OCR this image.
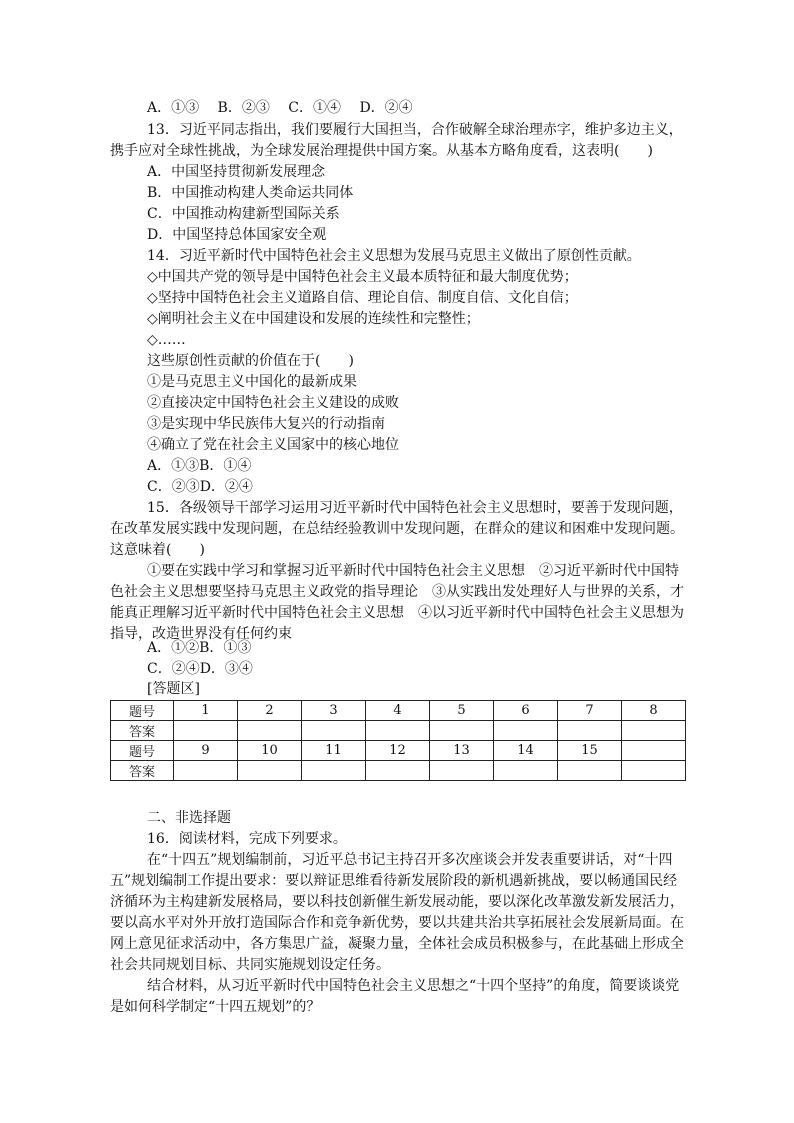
A．①③　 B．②③　 C．①④　 D．②④
13．习近平同志指出，我们要履行大国担当，合作破解全球治理赤字，维护多边主义，
携手应对全球性挑战，为全球发展治理提供中国方案。从基本方略角度看，这表明(　　)
A．中国坚持贯彻新发展理念
B．中国推动构建人类命运共同体
C．中国推动构建新型国际关系
D．中国坚持总体国家安全观
14．习近平新时代中国特色社会主义思想为发展马克思主义做出了原创性贡献。
◇中国共产党的领导是中国特色社会主义最本质特征和最大制度优势；
◇坚持中国特色社会主义道路自信、理论自信、制度自信、文化自信；
◇阐明社会主义在中国建设和发展的连续性和完整性；
◇……
这些原创性贡献的价值在于(　　)
①是马克思主义中国化的最新成果
②直接决定中国特色社会主义建设的成败
③是实现中华民族伟大复兴的行动指南
④确立了党在社会主义国家中的核心地位
A．①③B．①④
C．②③D．②④
15．各级领导干部学习运用习近平新时代中国特色社会主义思想时，要善于发现问题，在改革发展实践中发现问题，在总结经验教训中发现问题，在群众的建议和困难中发现问题。这意味着(　　)
①要在实践中学习和掌握习近平新时代中国特色社会主义思想　②习近平新时代中国特色社会主义思想要坚持马克思主义政党的指导理论　③从实践出发处理好人与世界的关系，才能真正理解习近平新时代中国特色社会主义思想　④以习近平新时代中国特色社会主义思想为指导，改造世界没有任何约束
A．①②B．①③
C．②④D．③④
[答题区]
题号	1	2	3	4	5	6	7	8
答案								
题号	9	10	11	12	13	14	15	
答案								
二、非选择题
16．阅读材料，完成下列要求。
在“十四五”规划编制前，习近平总书记主持召开多次座谈会并发表重要讲话，对“十四五”规划编制工作提出要求：要以辩证思维看待新发展阶段的新机遇新挑战，要以畅通国民经济循环为主构建新发展格局，要以科技创新催生新发展动能，要以深化改革激发新发展活力，要以高水平对外开放打造国际合作和竞争新优势，要以共建共治共享拓展社会发展新局面。在网上意见征求活动中，各方集思广益，凝聚力量，全体社会成员积极参与，在此基础上形成全社会共同规划目标、共同实施规划设定任务。
结合材料，从习近平新时代中国特色社会主义思想之“十四个坚持”的角度，简要谈谈党是如何科学制定“十四五规划”的？
